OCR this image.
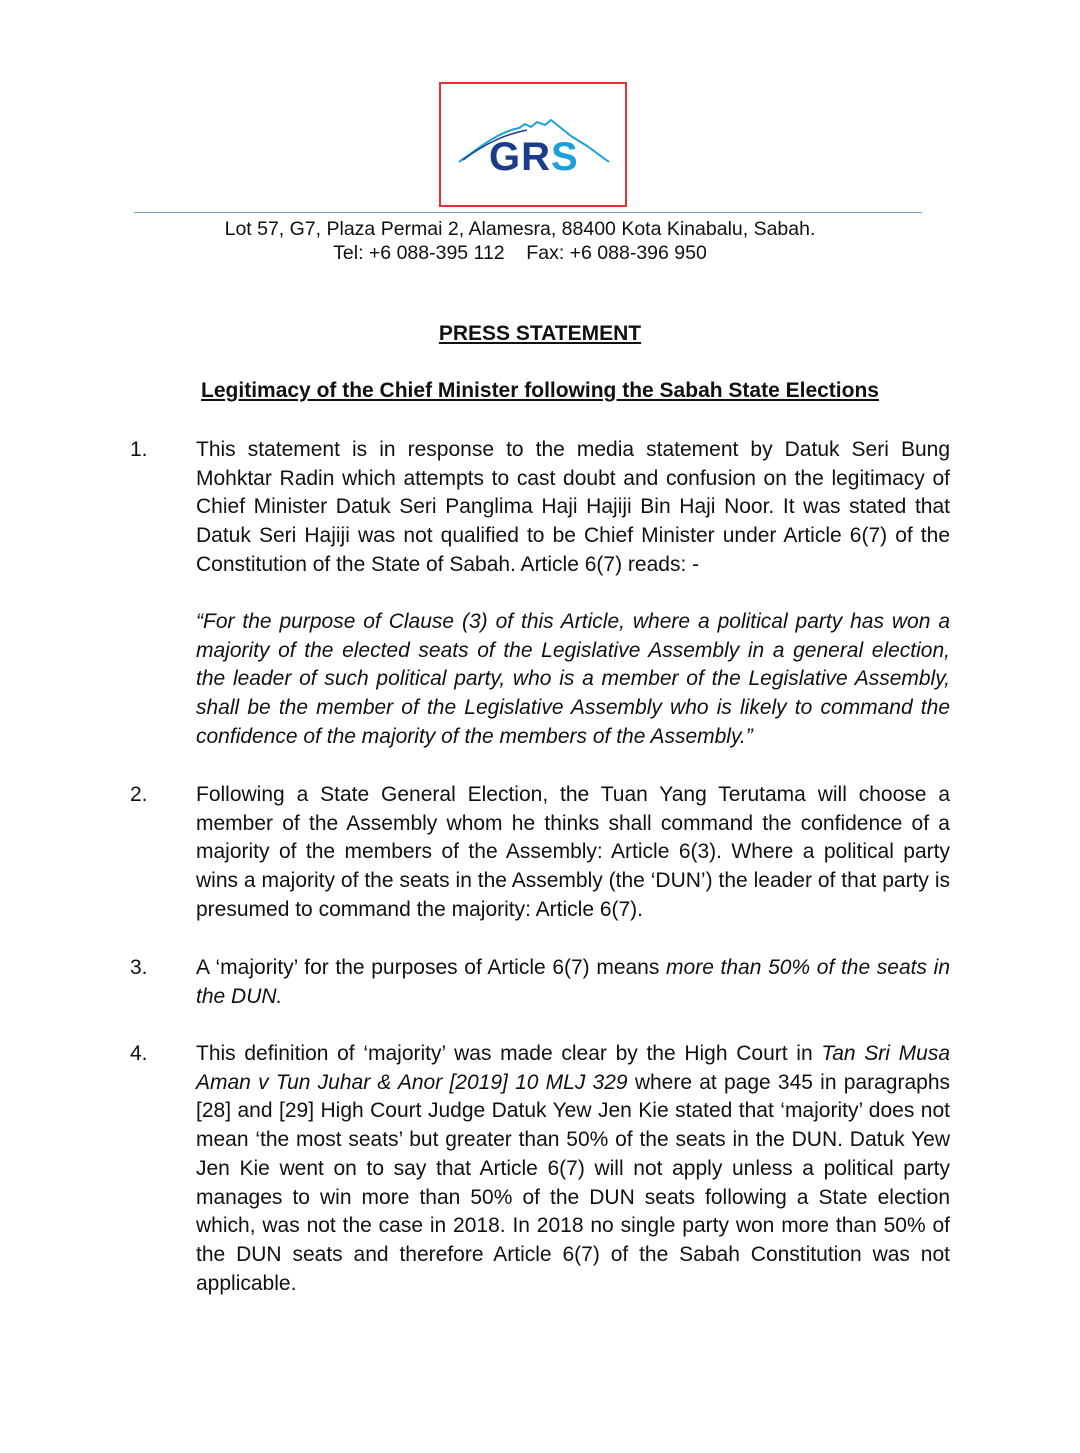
GRS
Lot 57, G7, Plaza Permai 2, Alamesra, 88400 Kota Kinabalu, Sabah.
Tel: +6 088-395 112    Fax: +6 088-396 950
PRESS STATEMENT
Legitimacy of the Chief Minister following the Sabah State Elections
1. This statement is in response to the media statement by Datuk Seri Bung Mohktar Radin which attempts to cast doubt and confusion on the legitimacy of Chief Minister Datuk Seri Panglima Haji Hajiji Bin Haji Noor. It was stated that Datuk Seri Hajiji was not qualified to be Chief Minister under Article 6(7) of the Constitution of the State of Sabah. Article 6(7) reads: -
“For the purpose of Clause (3) of this Article, where a political party has won a majority of the elected seats of the Legislative Assembly in a general election, the leader of such political party, who is a member of the Legislative Assembly, shall be the member of the Legislative Assembly who is likely to command the confidence of the majority of the members of the Assembly.”
2. Following a State General Election, the Tuan Yang Terutama will choose a member of the Assembly whom he thinks shall command the confidence of a majority of the members of the Assembly: Article 6(3). Where a political party wins a majority of the seats in the Assembly (the ‘DUN’) the leader of that party is presumed to command the majority: Article 6(7).
3. A ‘majority’ for the purposes of Article 6(7) means more than 50% of the seats in the DUN.
4. This definition of ‘majority’ was made clear by the High Court in Tan Sri Musa Aman v Tun Juhar & Anor [2019] 10 MLJ 329 where at page 345 in paragraphs [28] and [29] High Court Judge Datuk Yew Jen Kie stated that ‘majority’ does not mean ‘the most seats’ but greater than 50% of the seats in the DUN. Datuk Yew Jen Kie went on to say that Article 6(7) will not apply unless a political party manages to win more than 50% of the DUN seats following a State election which, was not the case in 2018. In 2018 no single party won more than 50% of the DUN seats and therefore Article 6(7) of the Sabah Constitution was not applicable.
